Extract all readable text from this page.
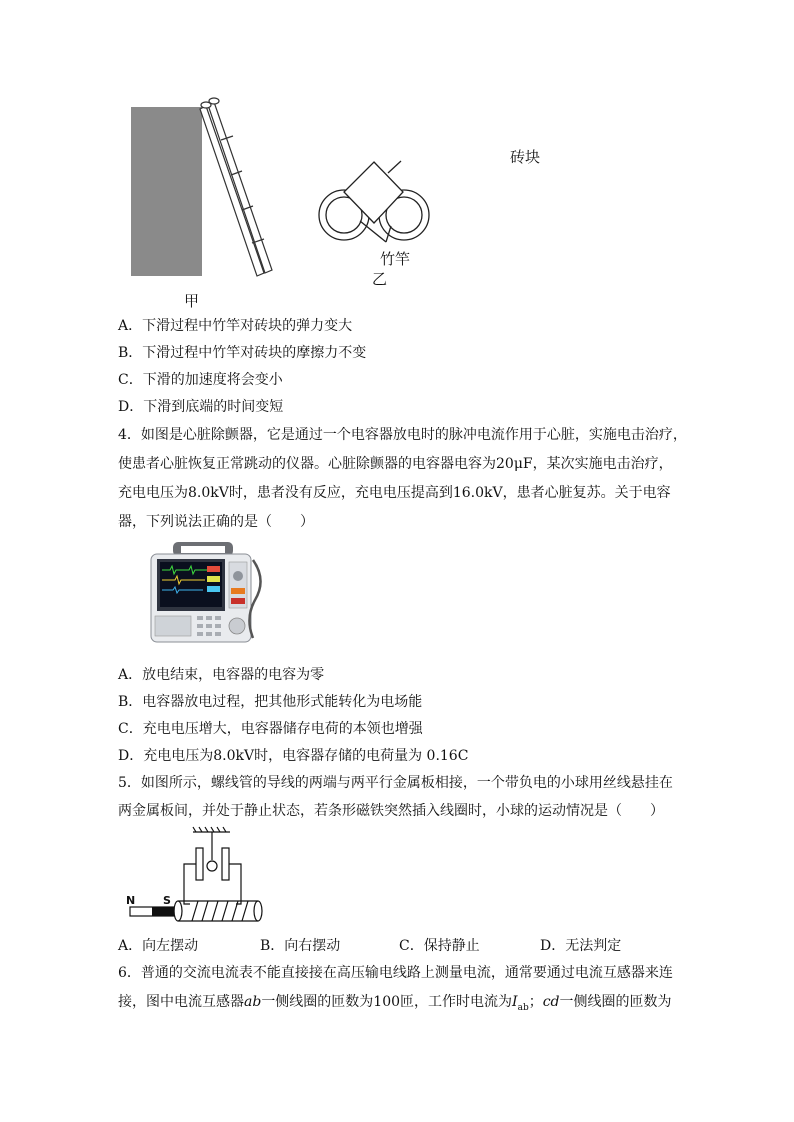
砖块
竹竿
乙
甲
A．下滑过程中竹竿对砖块的弹力变大
B．下滑过程中竹竿对砖块的摩擦力不变
C．下滑的加速度将会变小
D．下滑到底端的时间变短
4．如图是心脏除颤器，它是通过一个电容器放电时的脉冲电流作用于心脏，实施电击治疗，
使患者心脏恢复正常跳动的仪器。心脏除颤器的电容器电容为20μF，某次实施电击治疗，
充电电压为8.0kV时，患者没有反应，充电电压提高到16.0kV，患者心脏复苏。关于电容
器，下列说法正确的是（　　）
A．放电结束，电容器的电容为零
B．电容器放电过程，把其他形式能转化为电场能
C．充电电压增大，电容器储存电荷的本领也增强
D．充电电压为8.0kV时，电容器存储的电荷量为 0.16C
5．如图所示，螺线管的导线的两端与两平行金属板相接，一个带负电的小球用丝线悬挂在
两金属板间，并处于静止状态，若条形磁铁突然插入线圈时，小球的运动情况是（　　）
N	S
A．向左摆动	B．向右摆动	C．保持静止	D．无法判定
6．普通的交流电流表不能直接接在高压输电线路上测量电流，通常要通过电流互感器来连
接，图中电流互感器ab一侧线圈的匝数为100匝，工作时电流为$I_{ab}$；cd一侧线圈的匝数为
